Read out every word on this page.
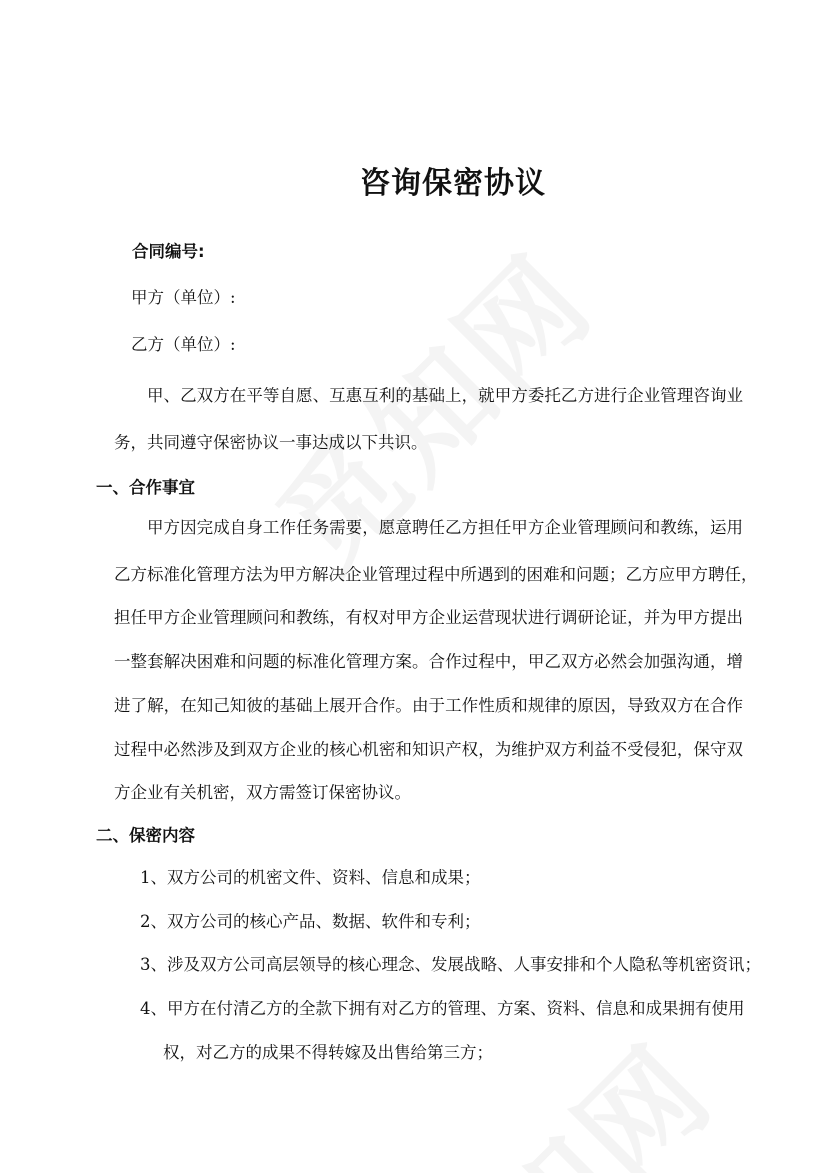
咨询保密协议
合同编号:
甲方（单位）:
乙方（单位）:
甲、乙双方在平等自愿、互惠互利的基础上，就甲方委托乙方进行企业管理咨询业
务，共同遵守保密协议一事达成以下共识。
一、合作事宜
甲方因完成自身工作任务需要，愿意聘任乙方担任甲方企业管理顾问和教练，运用
乙方标准化管理方法为甲方解决企业管理过程中所遇到的困难和问题；乙方应甲方聘任，
担任甲方企业管理顾问和教练，有权对甲方企业运营现状进行调研论证，并为甲方提出
一整套解决困难和问题的标准化管理方案。合作过程中，甲乙双方必然会加强沟通，增
进了解，在知己知彼的基础上展开合作。由于工作性质和规律的原因，导致双方在合作
过程中必然涉及到双方企业的核心机密和知识产权，为维护双方利益不受侵犯，保守双
方企业有关机密，双方需签订保密协议。
二、保密内容
1、双方公司的机密文件、资料、信息和成果；
2、双方公司的核心产品、数据、软件和专利；
3、涉及双方公司高层领导的核心理念、发展战略、人事安排和个人隐私等机密资讯；
4、甲方在付清乙方的全款下拥有对乙方的管理、方案、资料、信息和成果拥有使用
权，对乙方的成果不得转嫁及出售给第三方；
